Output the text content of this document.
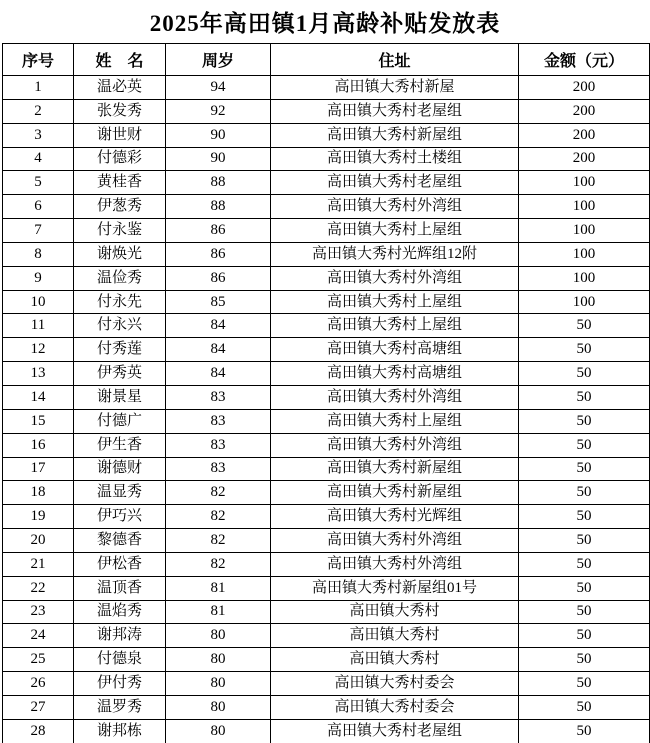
2025年高田镇1月高龄补贴发放表
序号	姓　名	周岁	住址	金额（元）
1	温必英	94	高田镇大秀村新屋	200
2	张发秀	92	高田镇大秀村老屋组	200
3	谢世财	90	高田镇大秀村新屋组	200
4	付德彩	90	高田镇大秀村土楼组	200
5	黄桂香	88	高田镇大秀村老屋组	100
6	伊葱秀	88	高田镇大秀村外湾组	100
7	付永鉴	86	高田镇大秀村上屋组	100
8	谢焕光	86	高田镇大秀村光辉组12附	100
9	温俭秀	86	高田镇大秀村外湾组	100
10	付永先	85	高田镇大秀村上屋组	100
11	付永兴	84	高田镇大秀村上屋组	50
12	付秀莲	84	高田镇大秀村高塘组	50
13	伊秀英	84	高田镇大秀村高塘组	50
14	谢景星	83	高田镇大秀村外湾组	50
15	付德广	83	高田镇大秀村上屋组	50
16	伊生香	83	高田镇大秀村外湾组	50
17	谢德财	83	高田镇大秀村新屋组	50
18	温显秀	82	高田镇大秀村新屋组	50
19	伊巧兴	82	高田镇大秀村光辉组	50
20	黎德香	82	高田镇大秀村外湾组	50
21	伊松香	82	高田镇大秀村外湾组	50
22	温顶香	81	高田镇大秀村新屋组01号	50
23	温焰秀	81	高田镇大秀村	50
24	谢邦涛	80	高田镇大秀村	50
25	付德泉	80	高田镇大秀村	50
26	伊付秀	80	高田镇大秀村委会	50
27	温罗秀	80	高田镇大秀村委会	50
28	谢邦栋	80	高田镇大秀村老屋组	50
